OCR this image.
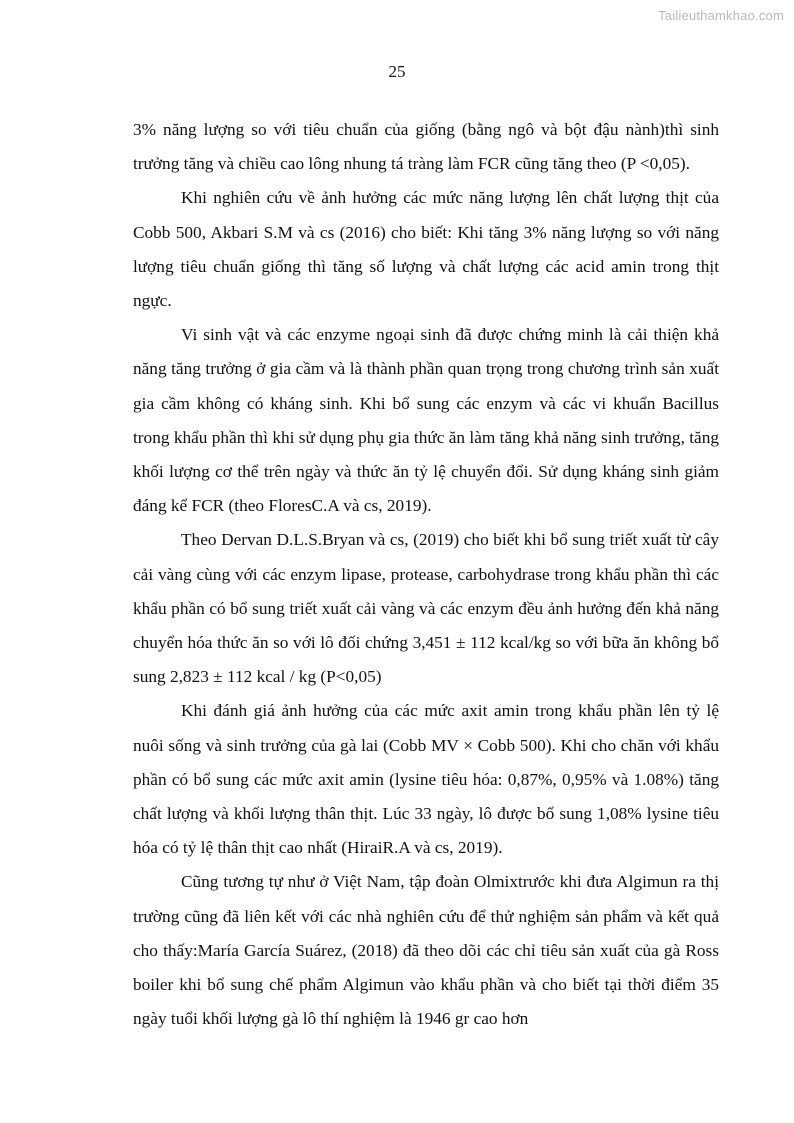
Tailieuthamkhao.com
25

3% năng lượng so với tiêu chuẩn của giống (bằng ngô và bột đậu nành)thì sinh trưởng tăng và chiều cao lông nhung tá tràng làm FCR cũng tăng theo (P <0,05).

Khi nghiên cứu về ảnh hưởng các mức năng lượng lên chất lượng thịt của Cobb 500, Akbari S.M và cs (2016) cho biết: Khi tăng 3% năng lượng so với năng lượng tiêu chuẩn giống thì tăng số lượng và chất lượng các acid amin trong thịt ngực.

Vi sinh vật và các enzyme ngoại sinh đã được chứng minh là cải thiện khả năng tăng trưởng ở gia cầm và là thành phần quan trọng trong chương trình sản xuất gia cầm không có kháng sinh. Khi bổ sung các enzym và các vi khuẩn Bacillus trong khẩu phần thì khi sử dụng phụ gia thức ăn làm tăng khả năng sinh trưởng, tăng khối lượng cơ thể trên ngày và thức ăn tỷ lệ chuyển đổi. Sử dụng kháng sinh giảm đáng kể FCR (theo FloresC.A và cs, 2019).

Theo Dervan D.L.S.Bryan và cs, (2019) cho biết khi bổ sung triết xuất từ cây cải vàng cùng với các enzym lipase, protease, carbohydrase trong khẩu phần thì các khẩu phần có bổ sung triết xuất cải vàng và các enzym đều ảnh hưởng đến khả năng chuyển hóa thức ăn so với lô đối chứng 3,451 ± 112 kcal/kg so với bữa ăn không bổ sung 2,823 ± 112 kcal / kg (P<0,05)

Khi đánh giá ảnh hưởng của các mức axit amin trong khẩu phần lên tỷ lệ nuôi sống và sinh trưởng của gà lai (Cobb MV × Cobb 500). Khi cho chăn với khẩu phần có bổ sung các mức axit amin (lysine tiêu hóa: 0,87%, 0,95% và 1.08%) tăng chất lượng và khối lượng thân thịt. Lúc 33 ngày, lô được bổ sung 1,08% lysine tiêu hóa có tỷ lệ thân thịt cao nhất (HiraiR.A và cs, 2019).

Cũng tương tự như ở Việt Nam, tập đoàn Olmixtrước khi đưa Algimun ra thị trường cũng đã liên kết với các nhà nghiên cứu để thử nghiệm sản phẩm và kết quả cho thấy:María García Suárez, (2018) đã theo dõi các chỉ tiêu sản xuất của gà Ross boiler khi bổ sung chế phẩm Algimun vào khẩu phần và cho biết tại thời điểm 35 ngày tuổi khối lượng gà lô thí nghiệm là 1946 gr cao hơn
